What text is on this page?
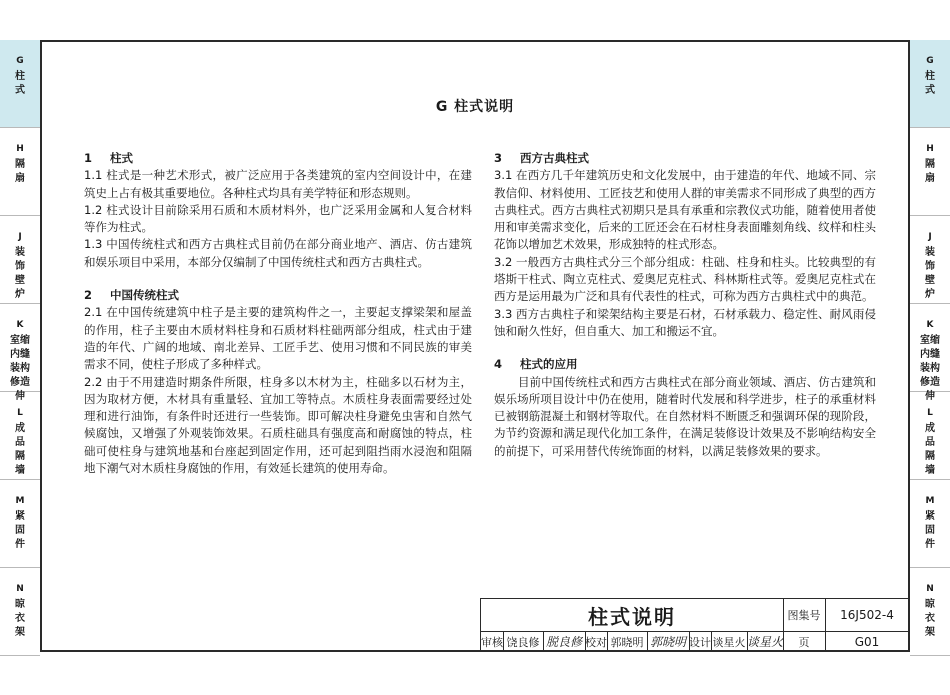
G
柱
式
H
隔
扇
J
装
饰
壁
炉
K
室缩
内缝
装构
修造
伸
L
成
品
隔
墙
M
紧
固
件
N
晾
衣
架
G
柱
式
H
隔
扇
J
装
饰
壁
炉
K
室缩
内缝
装构
修造
伸
L
成
品
隔
墙
M
紧
固
件
N
晾
衣
架
G 柱式说明
1 柱式
1.1 柱式是一种艺术形式，被广泛应用于各类建筑的室内空间设计中，在建筑史上占有极其重要地位。各种柱式均具有美学特征和形态规则。
1.2 柱式设计目前除采用石质和木质材料外，也广泛采用金属和人复合材料等作为柱式。
1.3 中国传统柱式和西方古典柱式目前仍在部分商业地产、酒店、仿古建筑和娱乐项目中采用，本部分仅编制了中国传统柱式和西方古典柱式。
2 中国传统柱式
2.1 在中国传统建筑中柱子是主要的建筑构件之一，主要起支撑梁架和屋盖的作用，柱子主要由木质材料柱身和石质材料柱础两部分组成，柱式由于建造的年代、广阔的地域、南北差异、工匠手艺、使用习惯和不同民族的审美需求不同，使柱子形成了多种样式。
2.2 由于不用建造时期条件所限，柱身多以木材为主，柱础多以石材为主，因为取材方便，木材具有重量轻、宜加工等特点。木质柱身表面需要经过处理和进行油饰，有条件时还进行一些装饰。即可解决柱身避免虫害和自然气候腐蚀，又增强了外观装饰效果。石质柱础具有强度高和耐腐蚀的特点，柱础可使柱身与建筑地基和台座起到固定作用，还可起到阻挡雨水浸泡和阻隔地下潮气对木质柱身腐蚀的作用，有效延长建筑的使用寿命。
3 西方古典柱式
3.1 在西方几千年建筑历史和文化发展中，由于建造的年代、地域不同、宗教信仰、材料使用、工匠技艺和使用人群的审美需求不同形成了典型的西方古典柱式。西方古典柱式初期只是具有承重和宗教仪式功能，随着使用者使用和审美需求变化，后来的工匠还会在石材柱身表面雕刻角线、纹样和柱头花饰以增加艺术效果，形成独特的柱式形态。
3.2 一般西方古典柱式分三个部分组成：柱础、柱身和柱头。比较典型的有塔斯干柱式、陶立克柱式、爱奥尼克柱式、科林斯柱式等。爱奥尼克柱式在西方是运用最为广泛和具有代表性的柱式，可称为西方古典柱式中的典范。
3.3 西方古典柱子和梁架结构主要是石材，石材承载力、稳定性、耐风雨侵蚀和耐久性好，但自重大、加工和搬运不宜。
4 柱式的应用
目前中国传统柱式和西方古典柱式在部分商业领域、酒店、仿古建筑和娱乐场所项目设计中仍在使用，随着时代发展和科学进步，柱子的承重材料已被钢筋混凝土和钢材等取代。在自然材料不断匮乏和强调环保的现阶段，为节约资源和满足现代化加工条件，在满足装修设计效果及不影响结构安全的前提下，可采用替代传统饰面的材料，以满足装修效果的要求。
柱式说明	图集号	16J502-4
页	G01
审核 饶良修 脱良修 校对 郭晓明 郭晓明 设计 谈星火 谈星火
